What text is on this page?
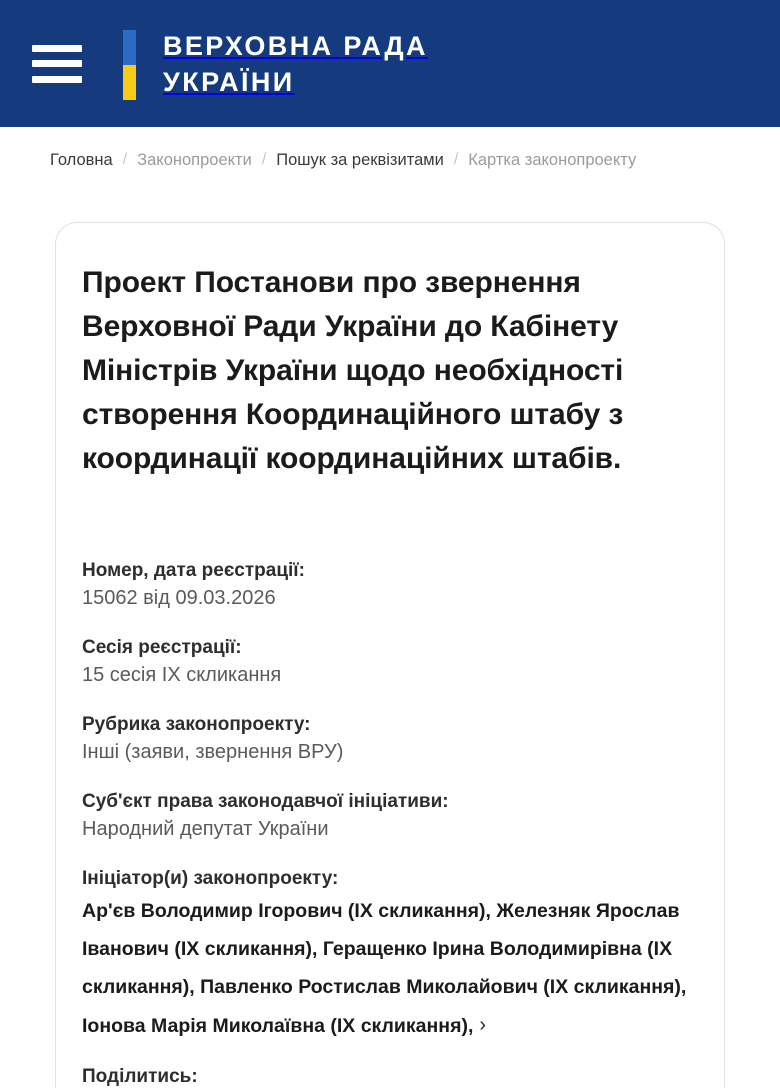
ВЕРХОВНА РАДА
УКРАЇНИ
Головна / Законопроекти / Пошук за реквізитами / Картка законопроекту
Проект Постанови про звернення Верховної Ради України до Кабінету Міністрів України щодо необхідності створення Координаційного штабу з координації координаційних штабів.
Номер, дата реєстрації:
15062 від 09.03.2026
Сесія реєстрації:
15 сесія IX скликання
Рубрика законопроекту:
Інші (заяви, звернення ВРУ)
Суб'єкт права законодавчої ініціативи:
Народний депутат України
Ініціатор(и) законопроекту:
Ар'єв Володимир Ігорович (IX скликання), Железняк Ярослав Іванович (IX скликання), Геращенко Ірина Володимирівна (IX скликання), Павленко Ростислав Миколайович (IX скликання), Іонова Марія Миколаївна (IX скликання), ›
Поділитись:
